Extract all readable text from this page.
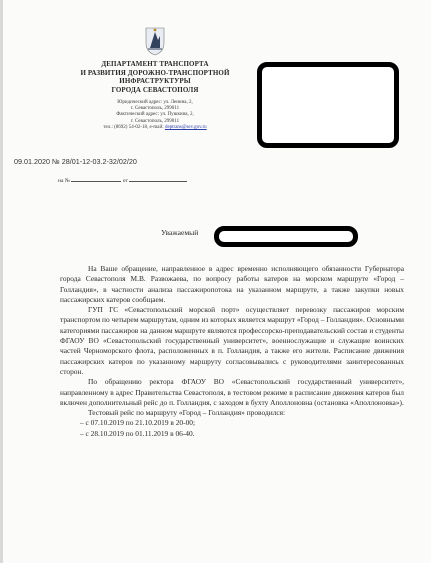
ДЕПАРТАМЕНТ ТРАНСПОРТА
И РАЗВИТИЯ ДОРОЖНО-ТРАНСПОРТНОЙ
ИНФРАСТРУКТУРЫ
ГОРОДА СЕВАСТОПОЛЯ
Юридический адрес: ул. Ленина, 2,
г. Севастополь, 299011
Фактический адрес: ул. Пушкина, 2,
г. Севастополь, 299011
тел.: (8692) 54-02-18, e-mail: deptrans@sev.gov.ru
09.01.2020 № 28/01-12-03.2-32/02/20
на №	от
Уважаемый

На Ваше обращение, направленное в адрес временно исполняющего обязанности Губернатора города Севастополя М.В. Развожаева, по вопросу работы катеров на морском маршруте «Город – Голландия», в частности анализа пассажиропотока на указанном маршруте, а также закупки новых пассажирских катеров сообщаем.

ГУП ГС «Севастопольский морской порт» осуществляет перевозку пассажиров морским транспортом по четырем маршрутам, одним из которых является маршрут «Город – Голландия». Основными категориями пассажиров на данном маршруте являются профессорско-преподавательский состав и студенты ФГАОУ ВО «Севастопольский государственный университет», военнослужащие и служащие воинских частей Черноморского флота, расположенных в п. Голландия, а также его жители. Расписание движения пассажирских катеров по указанному маршруту согласовывались с руководителями заинтересованных сторон.

По обращению ректора ФГАОУ ВО «Севастопольский государственный университет», направленному в адрес Правительства Севастополя, в тестовом режиме в расписание движения катеров был включен дополнительный рейс до п. Голландия, с заходом в бухту Аполлоновна (остановка «Аполлоновка»).

Тестовый рейс по маршруту «Город – Голландия» проводился:

– с 07.10.2019 по 21.10.2019 в 20-00;

– с 28.10.2019 по 01.11.2019 в 06-40.
